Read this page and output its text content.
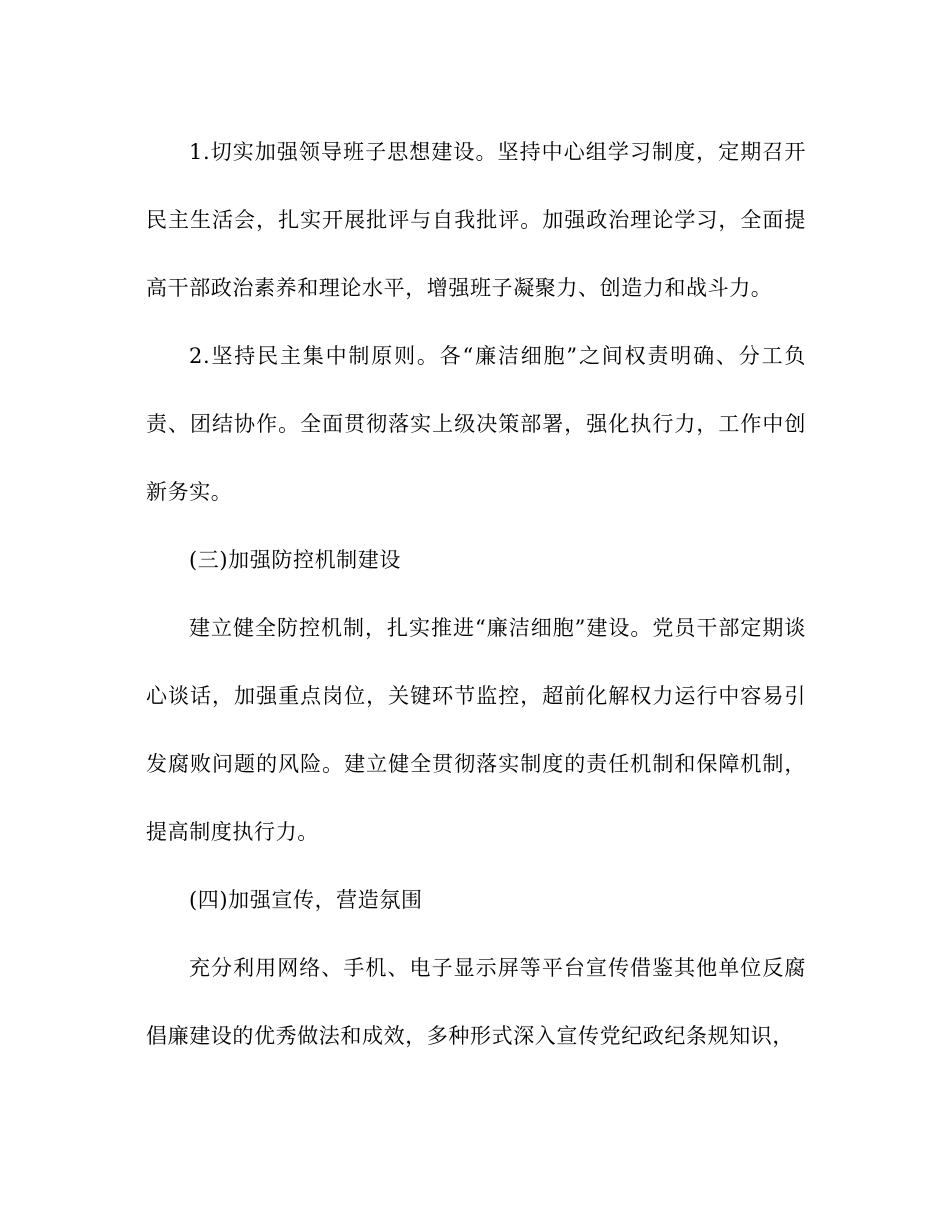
1.切实加强领导班子思想建设。坚持中心组学习制度，定期召开民主生活会，扎实开展批评与自我批评。加强政治理论学习，全面提高干部政治素养和理论水平，增强班子凝聚力、创造力和战斗力。

2.坚持民主集中制原则。各“廉洁细胞”之间权责明确、分工负责、团结协作。全面贯彻落实上级决策部署，强化执行力，工作中创新务实。

(三)加强防控机制建设

建立健全防控机制，扎实推进“廉洁细胞”建设。党员干部定期谈心谈话，加强重点岗位，关键环节监控，超前化解权力运行中容易引发腐败问题的风险。建立健全贯彻落实制度的责任机制和保障机制，提高制度执行力。

(四)加强宣传，营造氛围

充分利用网络、手机、电子显示屏等平台宣传借鉴其他单位反腐倡廉建设的优秀做法和成效，多种形式深入宣传党纪政纪条规知识，
